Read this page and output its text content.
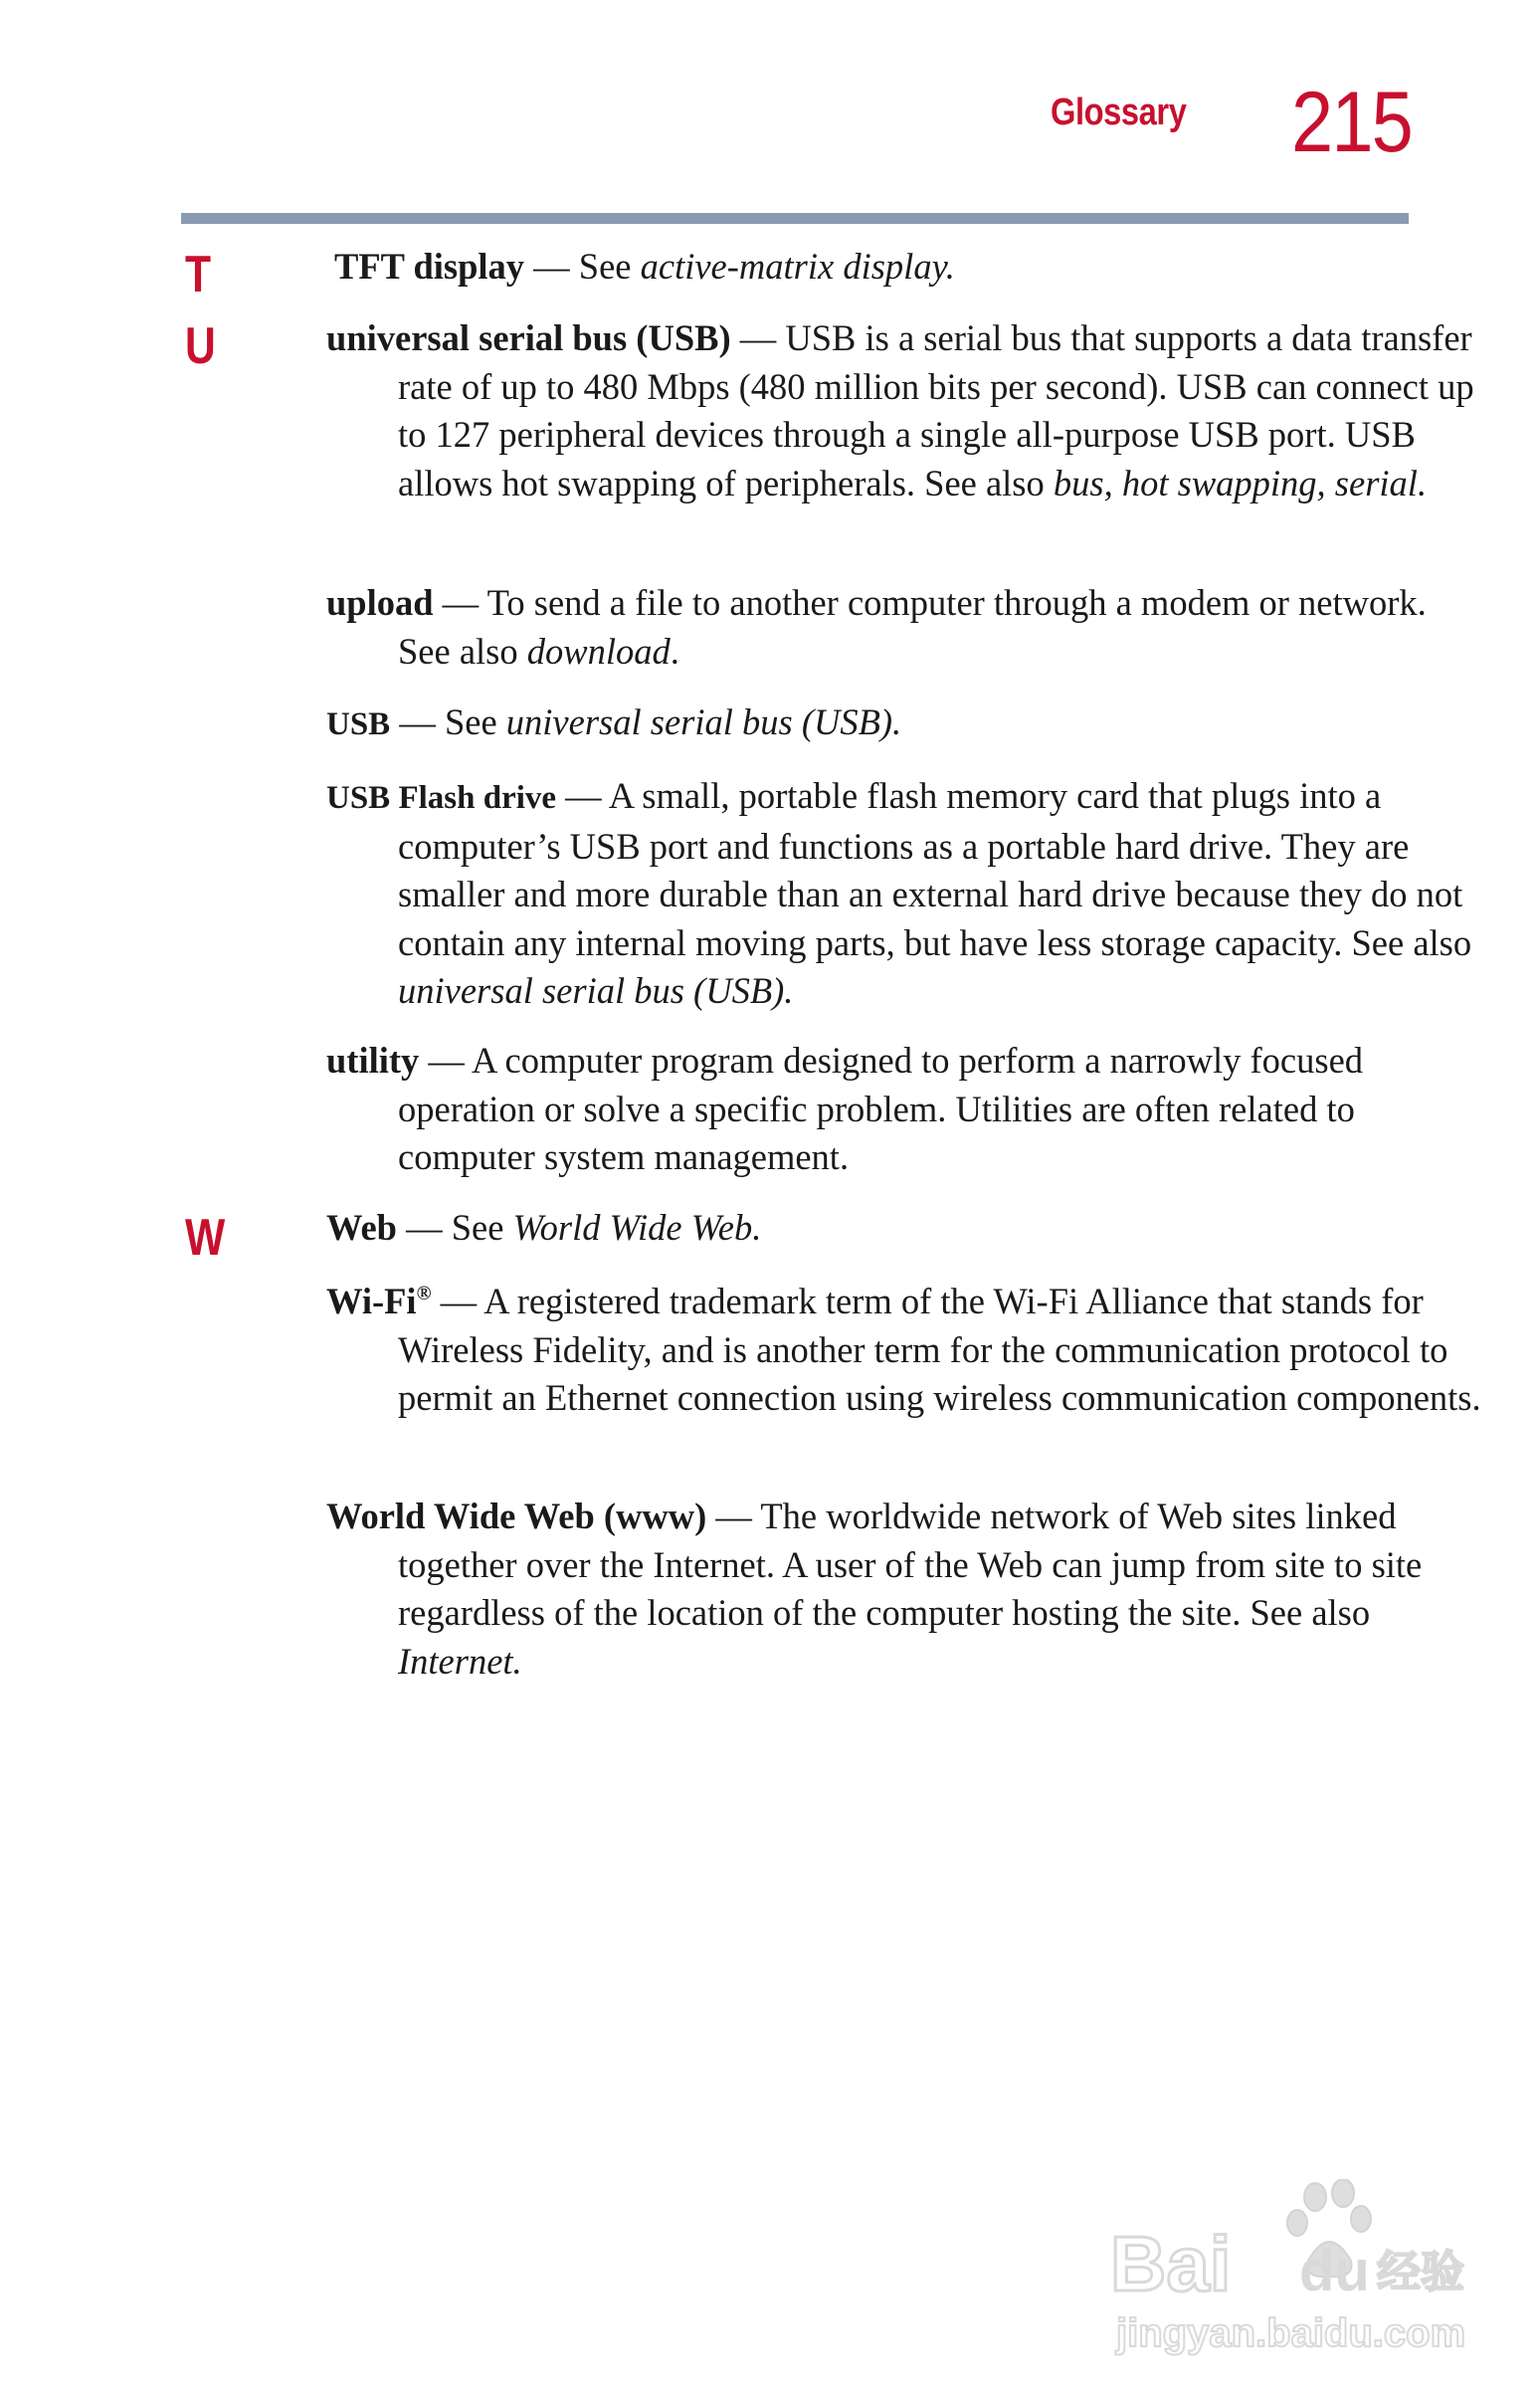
Glossary 215
T
U
W
TFT display — See active-matrix display.
universal serial bus (USB) — USB is a serial bus that supports a data transfer rate of up to 480 Mbps (480 million bits per second). USB can connect up to 127 peripheral devices through a single all-purpose USB port. USB allows hot swapping of peripherals. See also bus, hot swapping, serial.
upload — To send a file to another computer through a modem or network. See also download.
USB — See universal serial bus (USB).
USB Flash drive — A small, portable flash memory card that plugs into a computer’s USB port and functions as a portable hard drive. They are smaller and more durable than an external hard drive because they do not contain any internal moving parts, but have less storage capacity. See also universal serial bus (USB).
utility — A computer program designed to perform a narrowly focused operation or solve a specific problem. Utilities are often related to computer system management.
Web — See World Wide Web.
Wi-Fi® — A registered trademark term of the Wi-Fi Alliance that stands for Wireless Fidelity, and is another term for the communication protocol to permit an Ethernet connection using wireless communication components.
World Wide Web (www) — The worldwide network of Web sites linked together over the Internet. A user of the Web can jump from site to site regardless of the location of the computer hosting the site. See also Internet.
Bai du 经验
jingyan.baidu.com
